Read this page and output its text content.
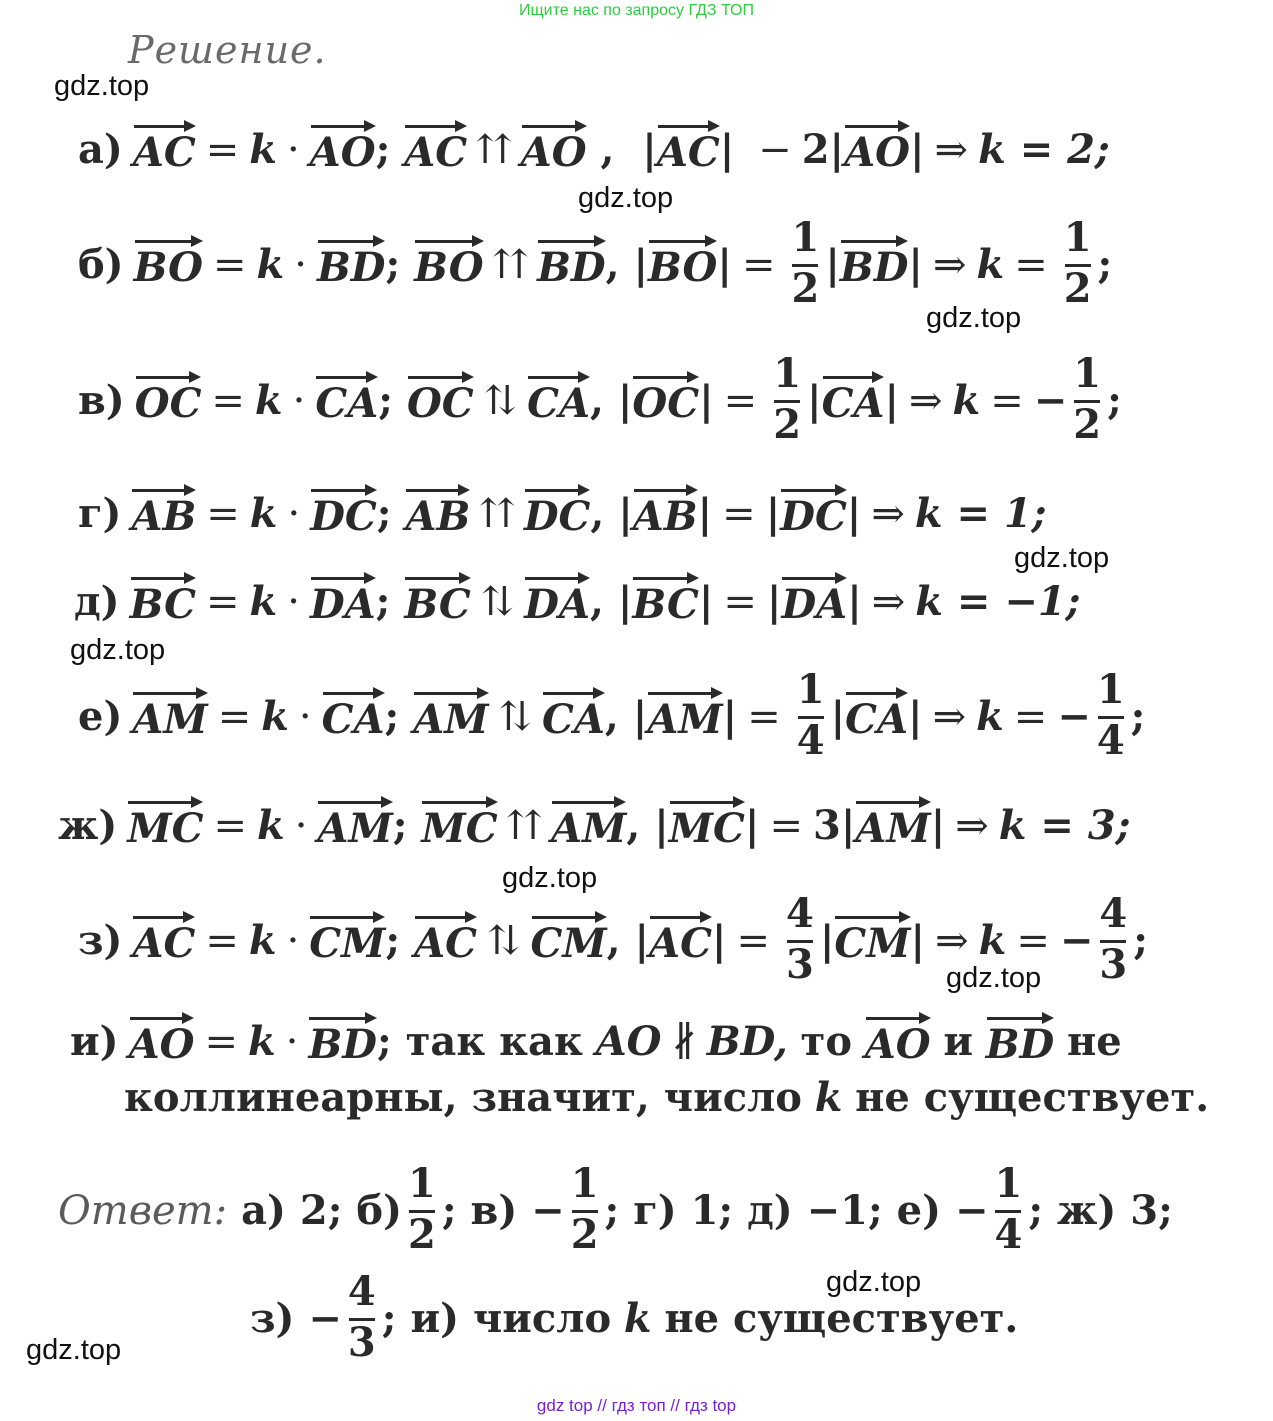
Ищите нас по запросу ГДЗ ТОП
Решение.
gdz.top
gdz.top
gdz.top
gdz.top
gdz.top
gdz.top
gdz.top
gdz.top
gdz.top
а) AC = k · AO ; AC ⇈ AO ,  | AC | − 2 | AO | ⇒ k = 2;
б) BO = k · BD ; BO ⇈ BD , | BO | = $\frac{1}{2}$ | BD | ⇒ $k = \frac{1}{2}$ ;
в) OC = k · CA ; OC ⇅ CA , | OC | = $\frac{1}{2}$ | CA | ⇒ k = − $\frac{1}{2}$ ;
г) AB = k · DC ; AB ⇈ DC , | AB | = | DC | ⇒ k = 1;
д) BC = k · DA ; BC ⇅ DA , | BC | = | DA | ⇒ k = −1;
е) AM = k · CA ; AM ⇅ CA , | AM | = $\frac{1}{4}$ | CA | ⇒ k = − $\frac{1}{4}$ ;
ж) MC = k · AM ; MC ⇈ AM , | MC | = 3 | AM | ⇒ k = 3;
з) AC = k · CM ; AC ⇅ CM , | AC | = $\frac{4}{3}$ | CM | ⇒ k = − $\frac{4}{3}$ ;
и) AO = k · BD ; так как
AO ∦ BD,
то
AO
и
BD
не
коллинеарны, значит, число
k
не существует.
Ответ: а) 2; $б) \frac{1}{2}$ ; $в) - \frac{1}{2}$ ; г) 1; д) −1; $е) - \frac{1}{4}$ ; ж) 3;
$з) - \frac{4}{3}$ ; и) число
k
не существует.
gdz top // гдз топ // гдз top
